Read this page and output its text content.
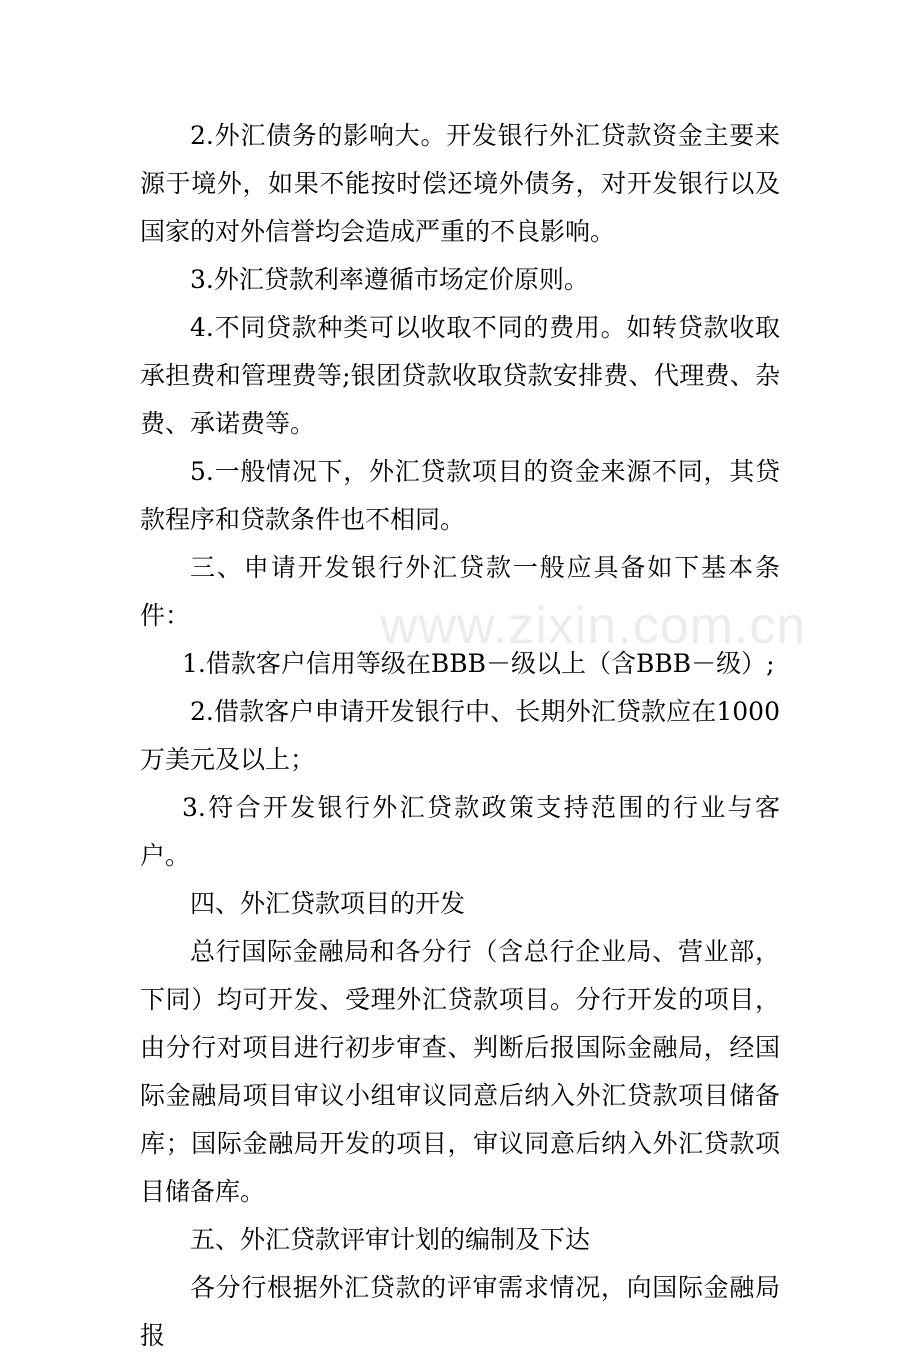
www.zixin.com.cn

2.外汇债务的影响大。开发银行外汇贷款资金主要来源于境外，如果不能按时偿还境外债务，对开发银行以及国家的对外信誉均会造成严重的不良影响。

3.外汇贷款利率遵循市场定价原则。

4.不同贷款种类可以收取不同的费用。如转贷款收取承担费和管理费等;银团贷款收取贷款安排费、代理费、杂费、承诺费等。

5.一般情况下，外汇贷款项目的资金来源不同，其贷款程序和贷款条件也不相同。

三、申请开发银行外汇贷款一般应具备如下基本条件：

1.借款客户信用等级在BBB－级以上（含BBB－级）;

2.借款客户申请开发银行中、长期外汇贷款应在1000万美元及以上；

3.符合开发银行外汇贷款政策支持范围的行业与客户。

四、外汇贷款项目的开发

总行国际金融局和各分行（含总行企业局、营业部，下同）均可开发、受理外汇贷款项目。分行开发的项目，由分行对项目进行初步审查、判断后报国际金融局，经国际金融局项目审议小组审议同意后纳入外汇贷款项目储备库；国际金融局开发的项目，审议同意后纳入外汇贷款项目储备库。

五、外汇贷款评审计划的编制及下达

各分行根据外汇贷款的评审需求情况，向国际金融局报
